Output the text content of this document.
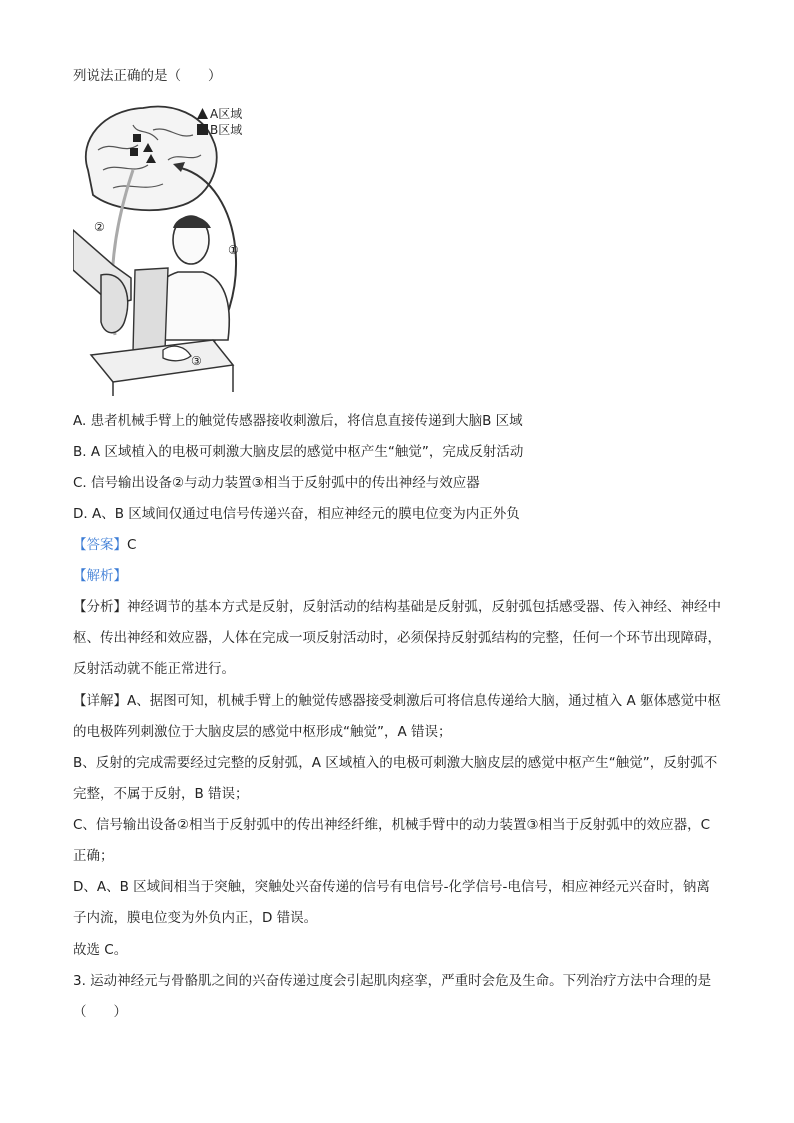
列说法正确的是（　　）
A区域
B区域
②
①
③
A. 患者机械手臂上的触觉传感器接收刺激后，将信息直接传递到大脑B 区域
B. A 区域植入的电极可刺激大脑皮层的感觉中枢产生“触觉”，完成反射活动
C. 信号输出设备②与动力装置③相当于反射弧中的传出神经与效应器
D. A、B 区域间仅通过电信号传递兴奋，相应神经元的膜电位变为内正外负
【答案】C
【解析】
【分析】神经调节的基本方式是反射，反射活动的结构基础是反射弧，反射弧包括感受器、传入神经、神经中枢、传出神经和效应器，人体在完成一项反射活动时，必须保持反射弧结构的完整，任何一个环节出现障碍，反射活动就不能正常进行。
【详解】A、据图可知，机械手臂上的触觉传感器接受刺激后可将信息传递给大脑，通过植入 A 躯体感觉中枢的电极阵列刺激位于大脑皮层的感觉中枢形成“触觉”，A 错误；
B、反射的完成需要经过完整的反射弧，A 区域植入的电极可刺激大脑皮层的感觉中枢产生“触觉”，反射弧不完整，不属于反射，B 错误；
C、信号输出设备②相当于反射弧中的传出神经纤维，机械手臂中的动力装置③相当于反射弧中的效应器，C 正确；
D、A、B 区域间相当于突触，突触处兴奋传递的信号有电信号-化学信号-电信号，相应神经元兴奋时，钠离子内流，膜电位变为外负内正，D 错误。
故选 C。
3. 运动神经元与骨骼肌之间的兴奋传递过度会引起肌肉痉挛，严重时会危及生命。下列治疗方法中合理的是（　　）
